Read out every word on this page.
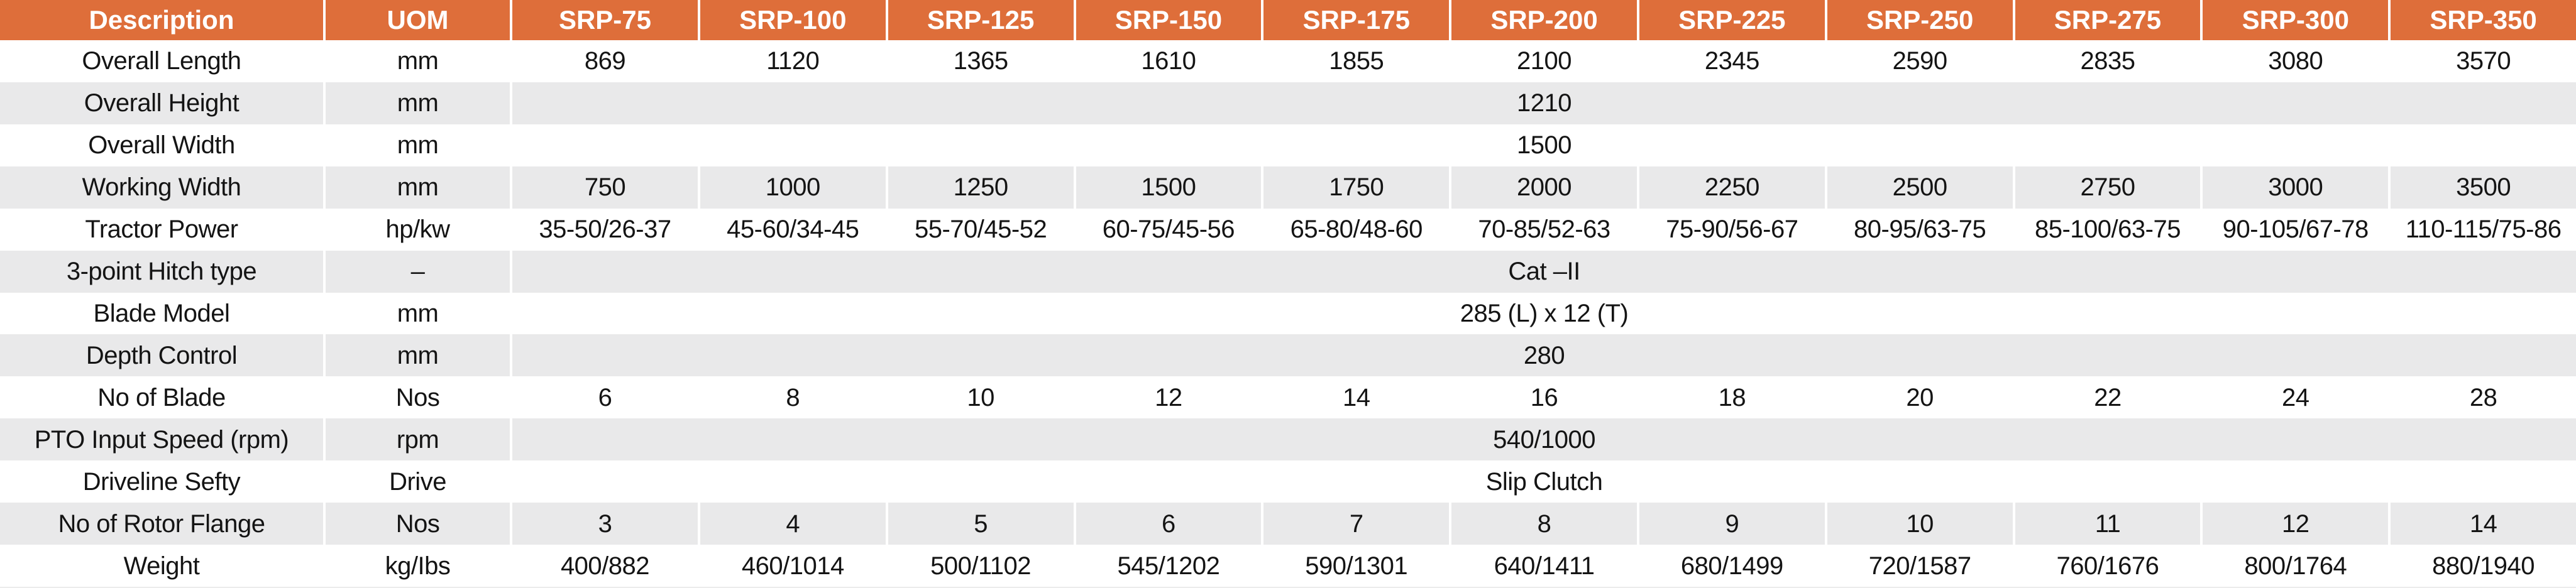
Description	UOM	SRP-75	SRP-100	SRP-125	SRP-150	SRP-175	SRP-200	SRP-225	SRP-250	SRP-275	SRP-300	SRP-350
Overall Length	mm	869	1120	1365	1610	1855	2100	2345	2590	2835	3080	3570
Overall Height	mm	1210
Overall Width	mm	1500
Working Width	mm	750	1000	1250	1500	1750	2000	2250	2500	2750	3000	3500
Tractor Power	hp/kw	35-50/26-37	45-60/34-45	55-70/45-52	60-75/45-56	65-80/48-60	70-85/52-63	75-90/56-67	80-95/63-75	85-100/63-75	90-105/67-78	110-115/75-86
3-point Hitch type	–	Cat –II
Blade Model	mm	285 (L) x 12 (T)
Depth Control	mm	280
No of Blade	Nos	6	8	10	12	14	16	18	20	22	24	28
PTO Input Speed (rpm)	rpm	540/1000
Driveline Sefty	Drive	Slip Clutch
No of Rotor Flange	Nos	3	4	5	6	7	8	9	10	11	12	14
Weight	kg/Ibs	400/882	460/1014	500/1102	545/1202	590/1301	640/1411	680/1499	720/1587	760/1676	800/1764	880/1940
